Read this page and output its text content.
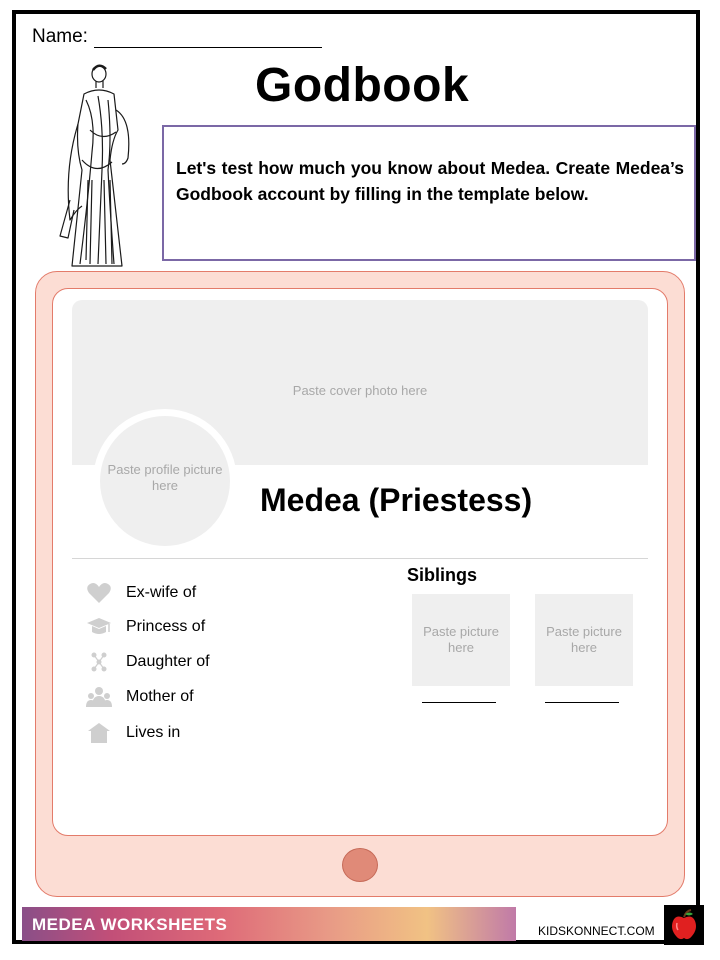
Name:
Godbook
Let's test how much you know about Medea. Create Medea’s Godbook account by filling in the template below.
Paste cover photo here
Paste profile picture here	Medea (Priestess)
Ex-wife of
Princess of
Daughter of
Mother of
Lives in
Siblings
Paste picture here
Paste picture here
MEDEA WORKSHEETS	KIDSKONNECT.COM
